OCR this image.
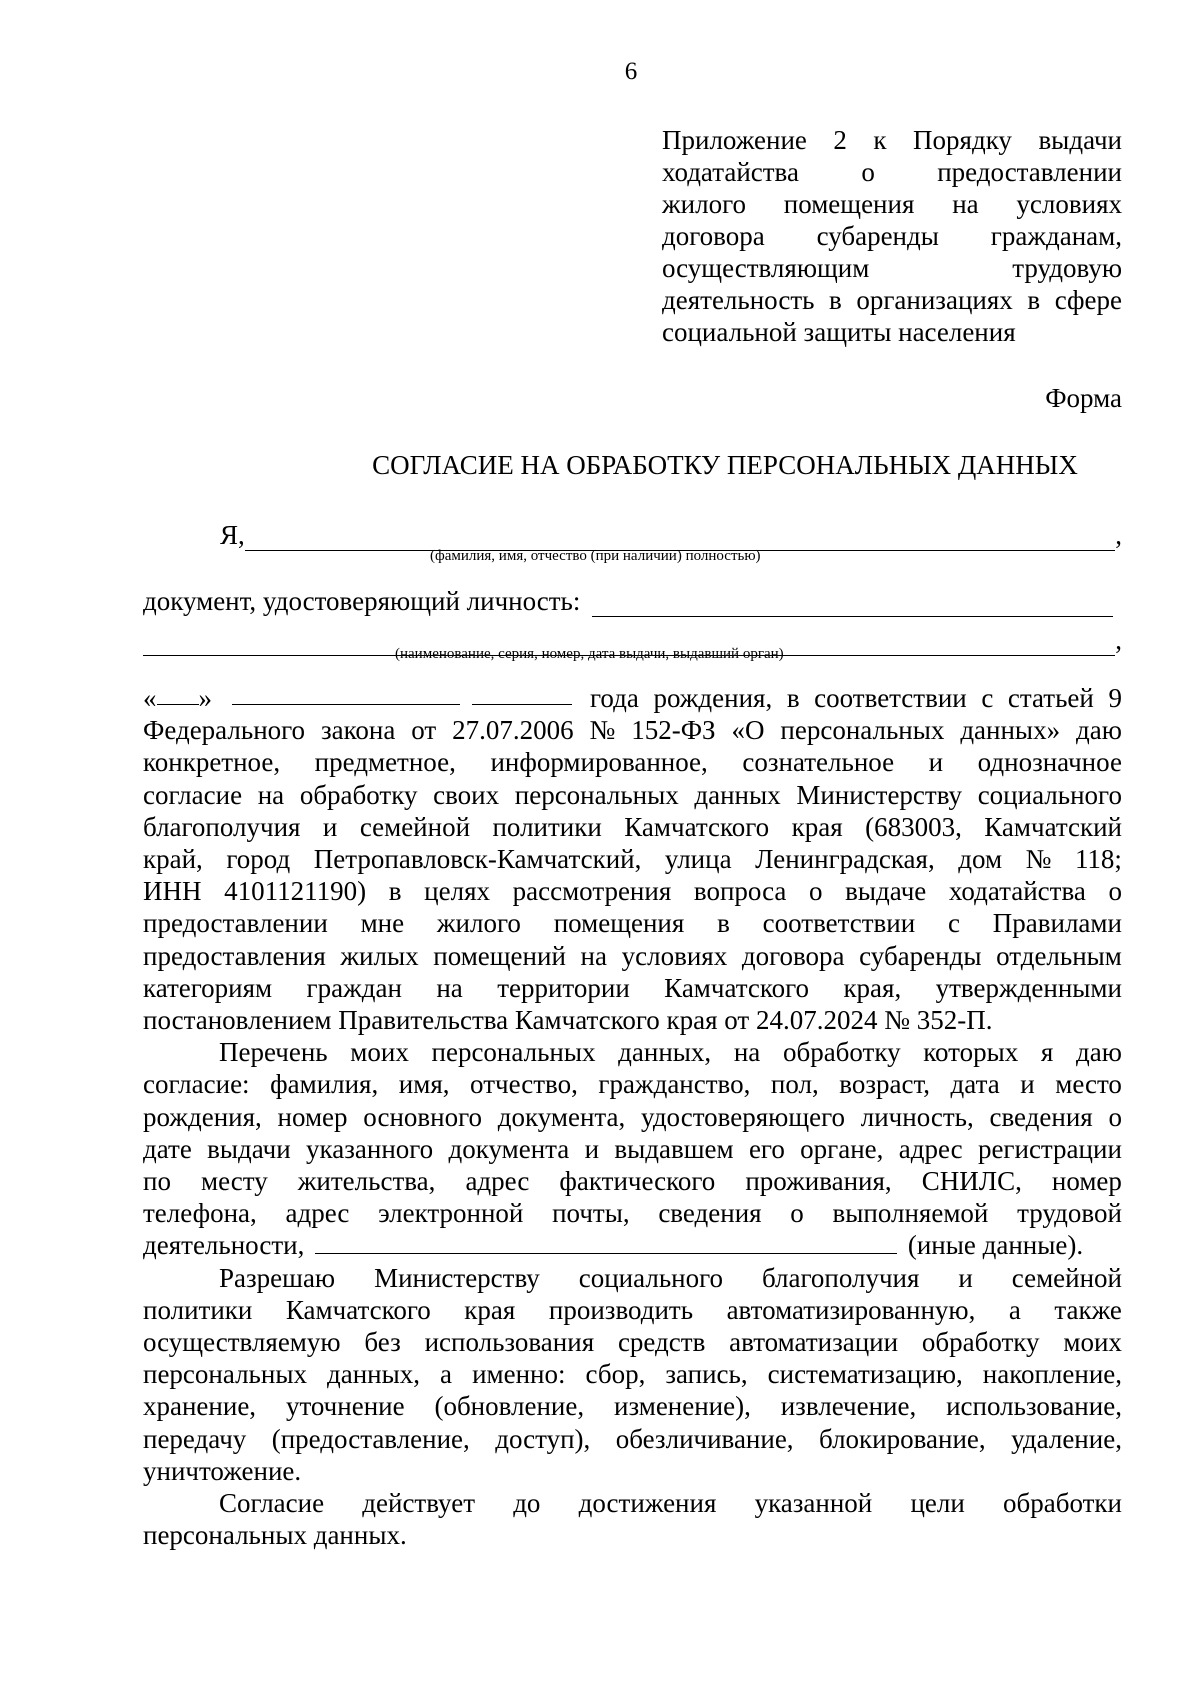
6
Приложение 2 к Порядку выдачи
ходатайства о предоставлении
жилого помещения на условиях
договора субаренды гражданам,
осуществляющим	трудовую
деятельность в организациях в сфере
социальной защиты населения
Форма
СОГЛАСИЕ НА ОБРАБОТКУ ПЕРСОНАЛЬНЫХ ДАННЫХ
Я,	,
(фамилия, имя, отчество (при наличии) полностью)
документ, удостоверяющий личность:
,
(наименование, серия, номер, дата выдачи, выдавший орган)
« »	года рождения, в соответствии с статьей 9
Федерального закона от 27.07.2006 № 152-ФЗ «О персональных данных» даю
конкретное, предметное, информированное, сознательное и однозначное
согласие на обработку своих персональных данных Министерству социального
благополучия и семейной политики Камчатского края (683003, Камчатский
край, город Петропавловск-Камчатский, улица Ленинградская, дом № 118;
ИНН 4101121190) в целях рассмотрения вопроса о выдаче ходатайства о
предоставлении мне жилого помещения в соответствии с Правилами
предоставления жилых помещений на условиях договора субаренды отдельным
категориям граждан на территории Камчатского края, утвержденными
постановлением Правительства Камчатского края от 24.07.2024 № 352-П.
Перечень моих персональных данных, на обработку которых я даю
согласие: фамилия, имя, отчество, гражданство, пол, возраст, дата и место
рождения, номер основного документа, удостоверяющего личность, сведения о
дате выдачи указанного документа и выдавшем его органе, адрес регистрации
по месту жительства, адрес фактического проживания, СНИЛС, номер
телефона, адрес электронной почты, сведения о выполняемой трудовой
деятельности,	(иные данные).
Разрешаю Министерству социального благополучия и семейной
политики Камчатского края производить автоматизированную, а также
осуществляемую без использования средств автоматизации обработку моих
персональных данных, а именно: сбор, запись, систематизацию, накопление,
хранение, уточнение (обновление, изменение), извлечение, использование,
передачу (предоставление, доступ), обезличивание, блокирование, удаление,
уничтожение.
Согласие действует до достижения указанной цели обработки
персональных данных.
